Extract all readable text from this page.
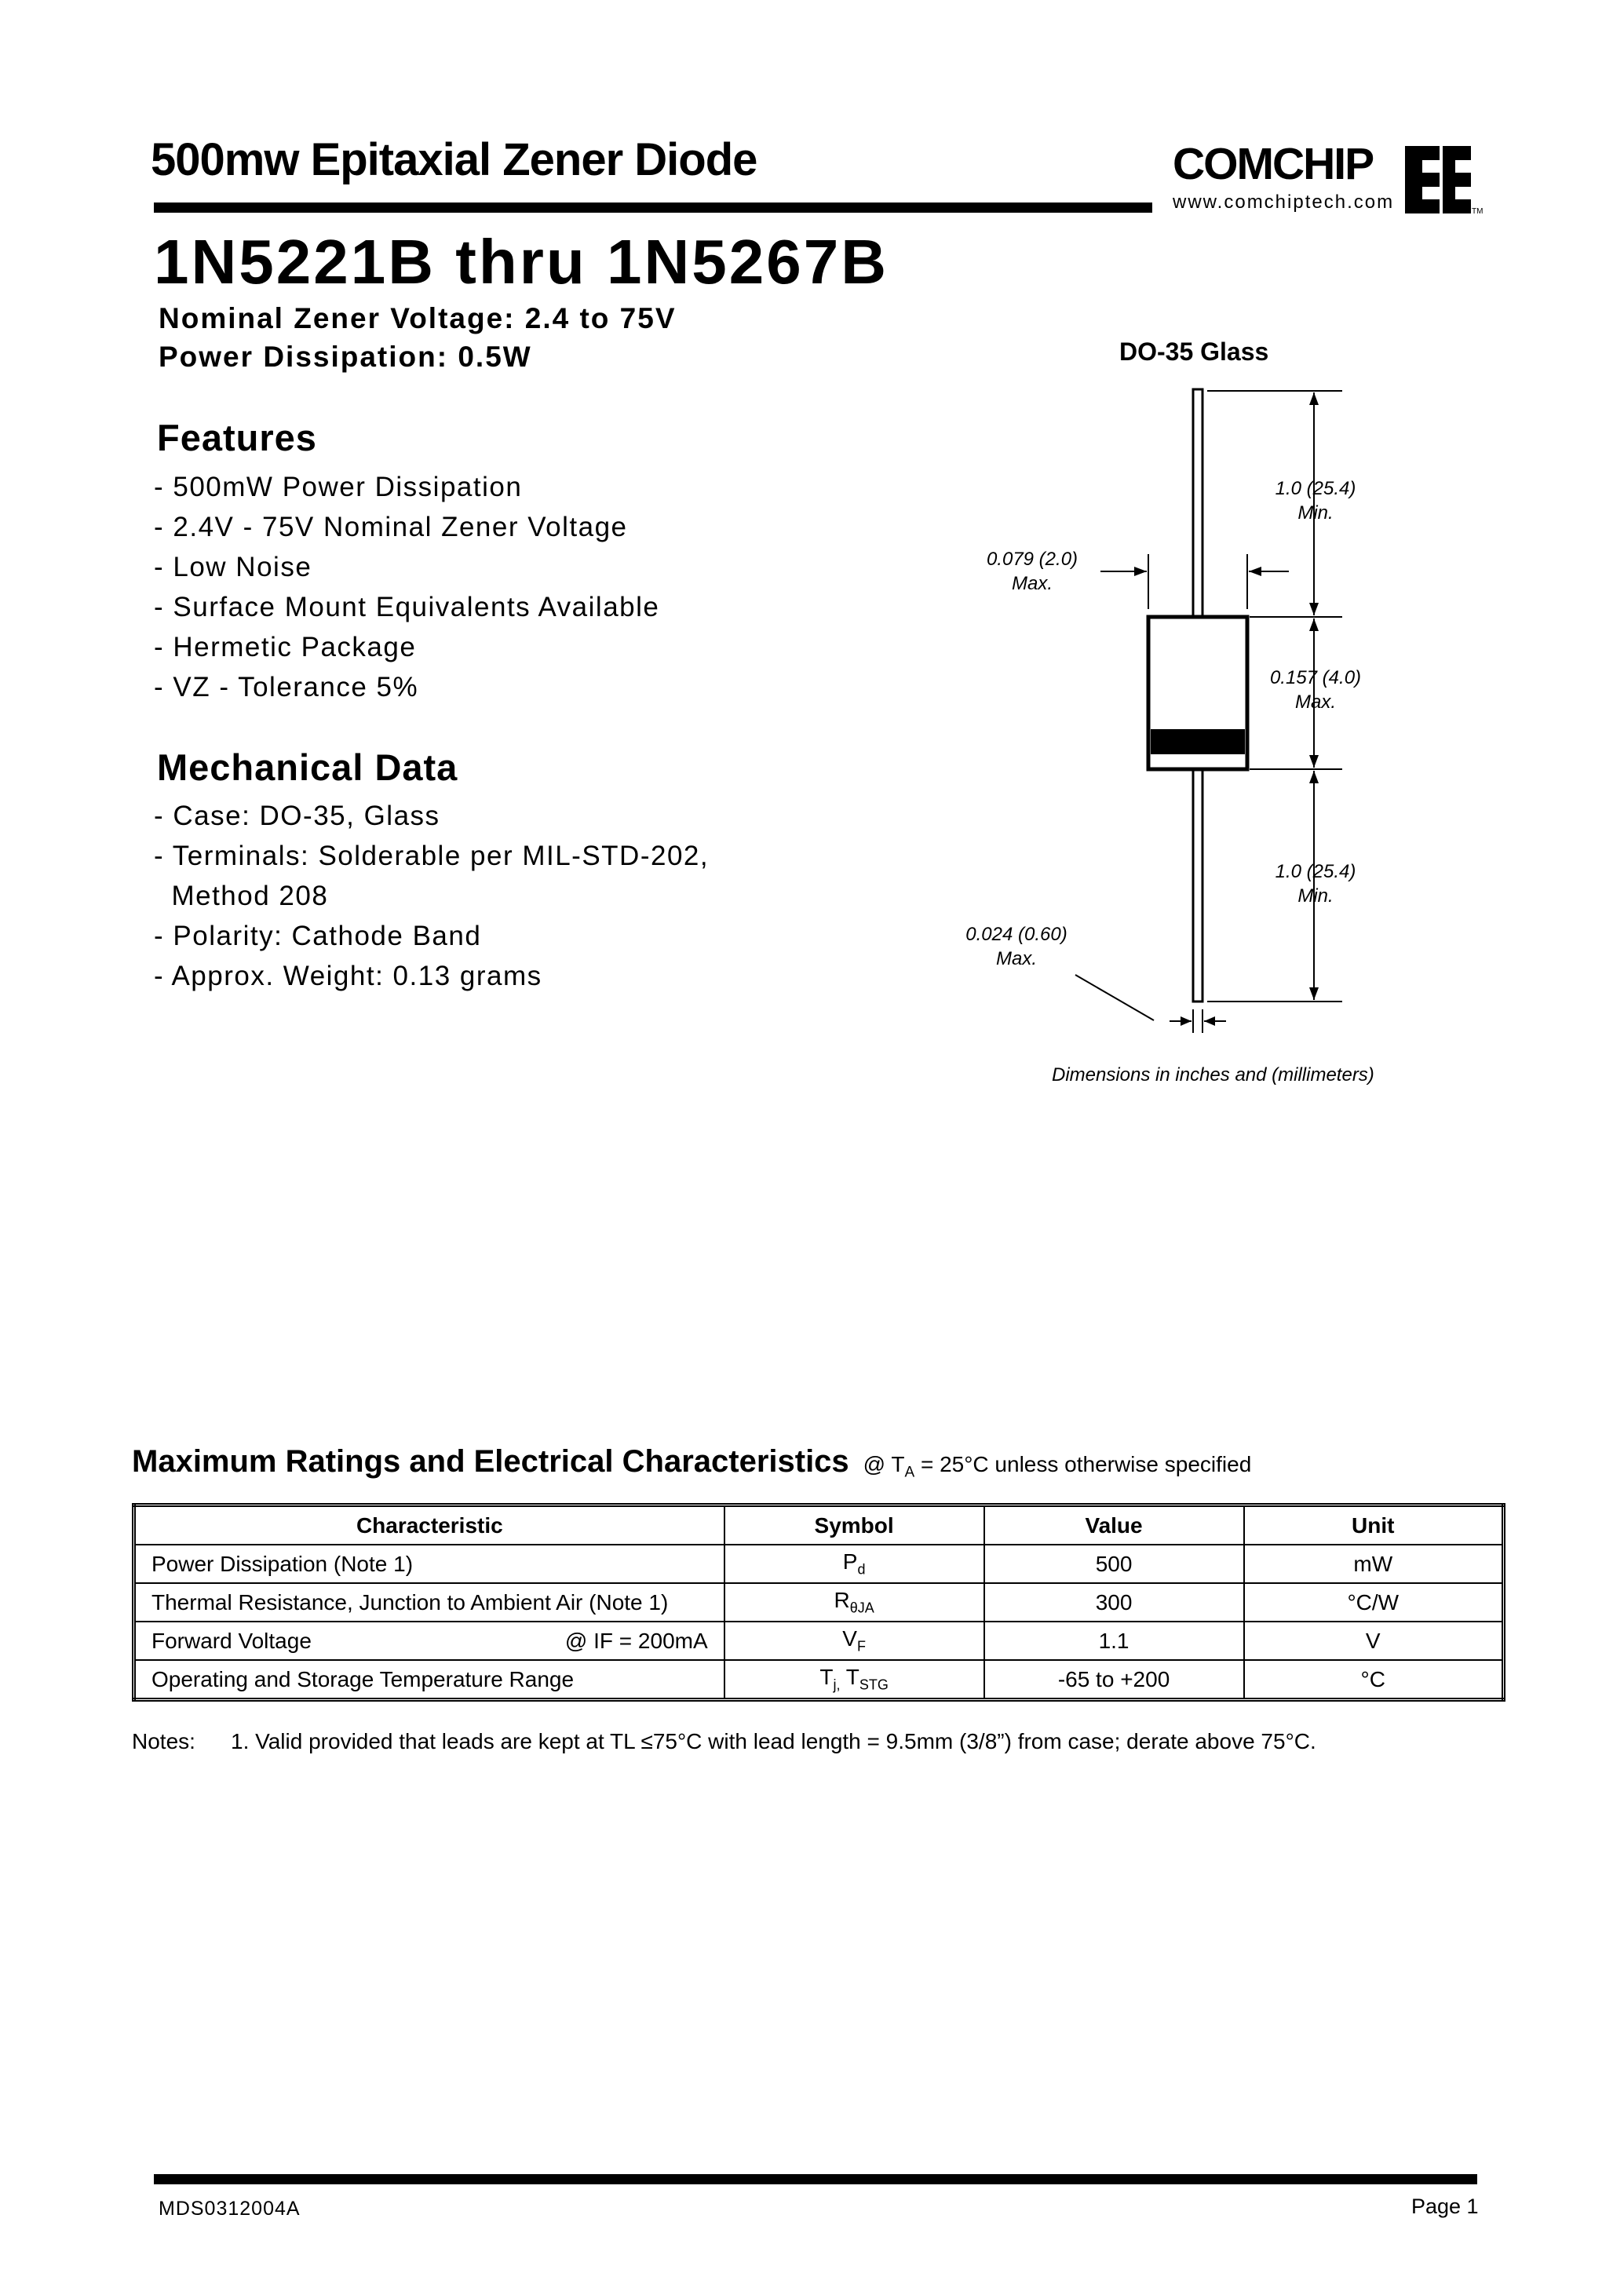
500mw Epitaxial Zener Diode	COMCHIP
www.comchiptech.com	TM
1N5221B thru 1N5267B
Nominal Zener Voltage: 2.4 to 75V
Power Dissipation: 0.5W
Features
- 500mW Power Dissipation
- 2.4V - 75V Nominal Zener Voltage
- Low Noise
- Surface Mount Equivalents Available
- Hermetic Package
- VZ - Tolerance 5%
Mechanical Data
- Case: DO-35, Glass
- Terminals: Solderable per MIL-STD-202,
Method 208
- Polarity: Cathode Band
- Approx. Weight: 0.13 grams
DO-35 Glass
1.0 (25.4)
Min.
0.079 (2.0)
Max.
0.157 (4.0)
Max.
1.0 (25.4)
Min.
0.024 (0.60)
Max.
Dimensions in inches and (millimeters)
Maximum Ratings and Electrical Characteristics @ $T_A = 25^\circ C$ unless otherwise specified
Characteristic	Symbol	Value	Unit
Power Dissipation (Note 1)	$P_d$	500	mW
Thermal Resistance, Junction to Ambient Air (Note 1)	$R_{\theta JA}$	300	°C/W
Forward Voltage @ IF = 200mA	$V_F$	1.1	V
Operating and Storage Temperature Range	$T_{j,}$ $T_{STG}$	-65 to +200	°C
Notes: 1. Valid provided that leads are kept at TL ≤75°C with lead length = 9.5mm (3/8”) from case; derate above 75°C.
MDS0312004A	Page 1
